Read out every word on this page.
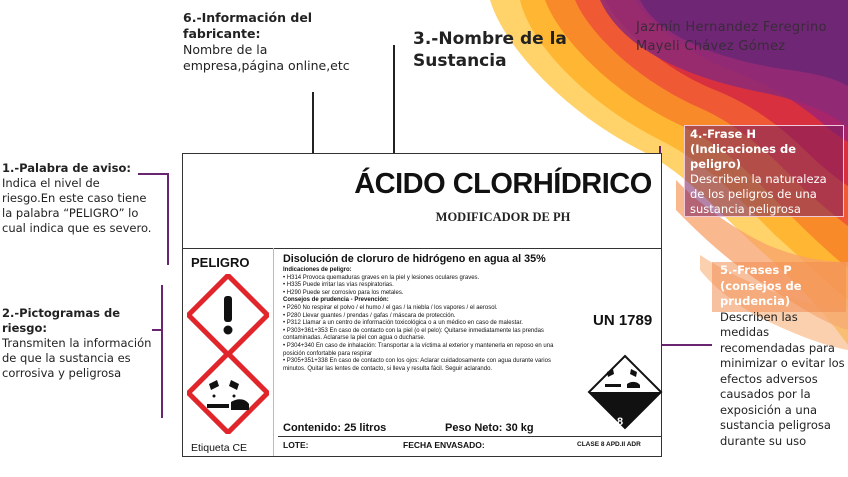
Jazmín Hernandez Feregrino
Mayeli Chávez Gómez
6.-Información del fabricante:
Nombre de la empresa,página online,etc
3.-Nombre de la Sustancia
1.-Palabra de aviso:
Indica el nivel de riesgo.En este caso tiene la palabra “PELIGRO” lo cual indica que es severo.
2.-Pictogramas de riesgo:
Transmiten la información de que la sustancia es corrosiva y peligrosa
4.-Frase H (Indicaciones de peligro)
Describen la naturaleza de los peligros de una sustancia peligrosa
5.-Frases P (consejos de prudencia)
Describen las medidas recomendadas para minimizar o evitar los efectos adversos causados por la exposición a una sustancia peligrosa durante su uso
ÁCIDO CLORHÍDRICO
MODIFICADOR DE PH
PELIGRO
Etiqueta CE
Disolución de cloruro de hidrógeno en agua al 35%
Indicaciones de peligro:
• H314 Provoca quemaduras graves en la piel y lesiones oculares graves.
• H335 Puede irritar las vías respiratorias.
• H290 Puede ser corrosivo para los metales.
Consejos de prudencia - Prevención:
• P260 No respirar el polvo / el humo / el gas / la niebla / los vapores / el aerosol.
• P280 Llevar guantes / prendas / gafas / máscara de protección.
• P312 Llamar a un centro de información toxicológica o a un médico en caso de malestar.
• P303+361+353 En caso de contacto con la piel (o el pelo): Quitarse inmediatamente las prendas contaminadas. Aclararse la piel con agua o ducharse.
• P304+340 En caso de inhalación: Transportar a la víctima al exterior y mantenerla en reposo en una posición confortable para respirar
• P305+351+338 En caso de contacto con los ojos: Aclarar cuidadosamente con agua durante varios minutos. Quitar las lentes de contacto, si lleva y resulta fácil. Seguir aclarando.
Contenido: 25 litros	Peso Neto: 30 kg
UN 1789
8
LOTE:	FECHA ENVASADO:	CLASE 8 APD.II ADR
